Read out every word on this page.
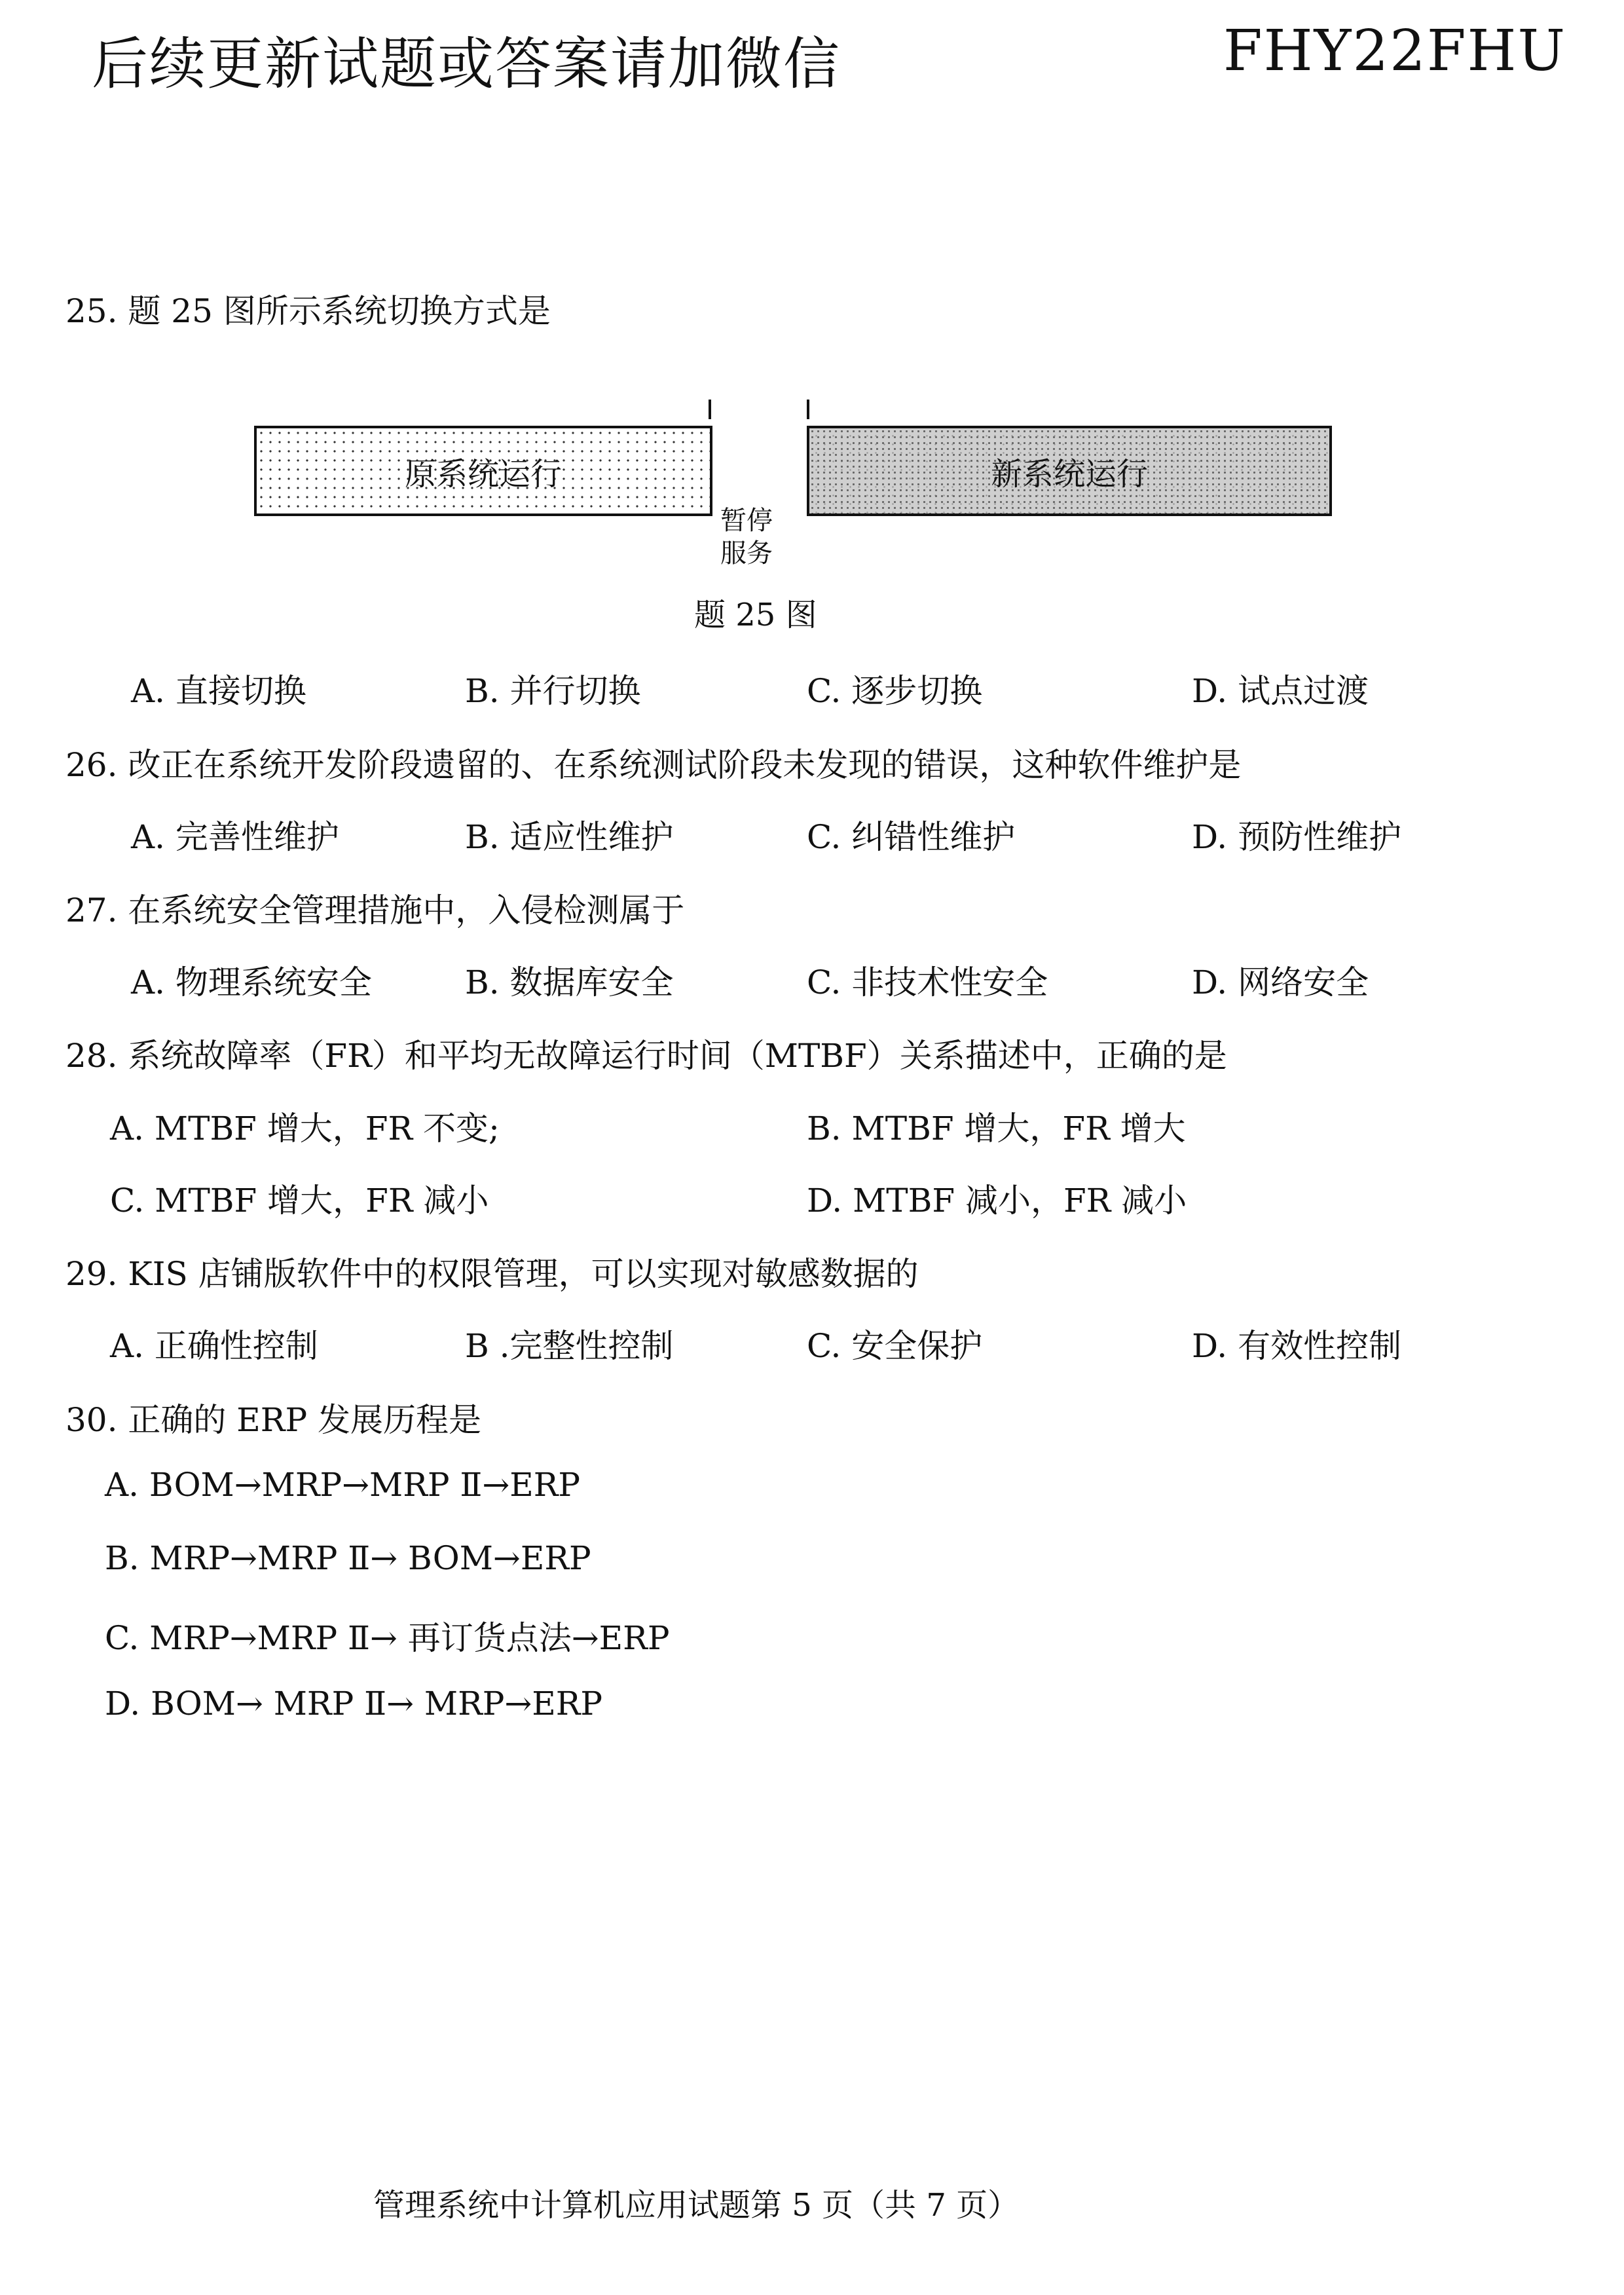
后续更新试题或答案请加微信	FHY22FHU
25. 题 25 图所示系统切换方式是
原系统运行
暂停
服务
新系统运行
题 25 图
A. 直接切换	B. 并行切换	C. 逐步切换	D. 试点过渡
26. 改正在系统开发阶段遗留的、在系统测试阶段未发现的错误，这种软件维护是
A. 完善性维护	B. 适应性维护	C. 纠错性维护	D. 预防性维护
27. 在系统安全管理措施中，入侵检测属于
A. 物理系统安全	B. 数据库安全	C. 非技术性安全	D. 网络安全
28. 系统故障率（FR）和平均无故障运行时间（MTBF）关系描述中，正确的是
A. MTBF 增大，FR 不变;	B. MTBF 增大，FR 增大
C. MTBF 增大，FR 减小	D. MTBF 减小，FR 减小
29. KIS 店铺版软件中的权限管理，可以实现对敏感数据的
A. 正确性控制	B .完整性控制	C. 安全保护	D. 有效性控制
30. 正确的 ERP 发展历程是
A. BOM→MRP→MRP Ⅱ→ERP
B. MRP→MRP Ⅱ→ BOM→ERP
C. MRP→MRP Ⅱ→ 再订货点法→ERP
D. BOM→ MRP Ⅱ→ MRP→ERP
管理系统中计算机应用试题第 5 页（共 7 页）
